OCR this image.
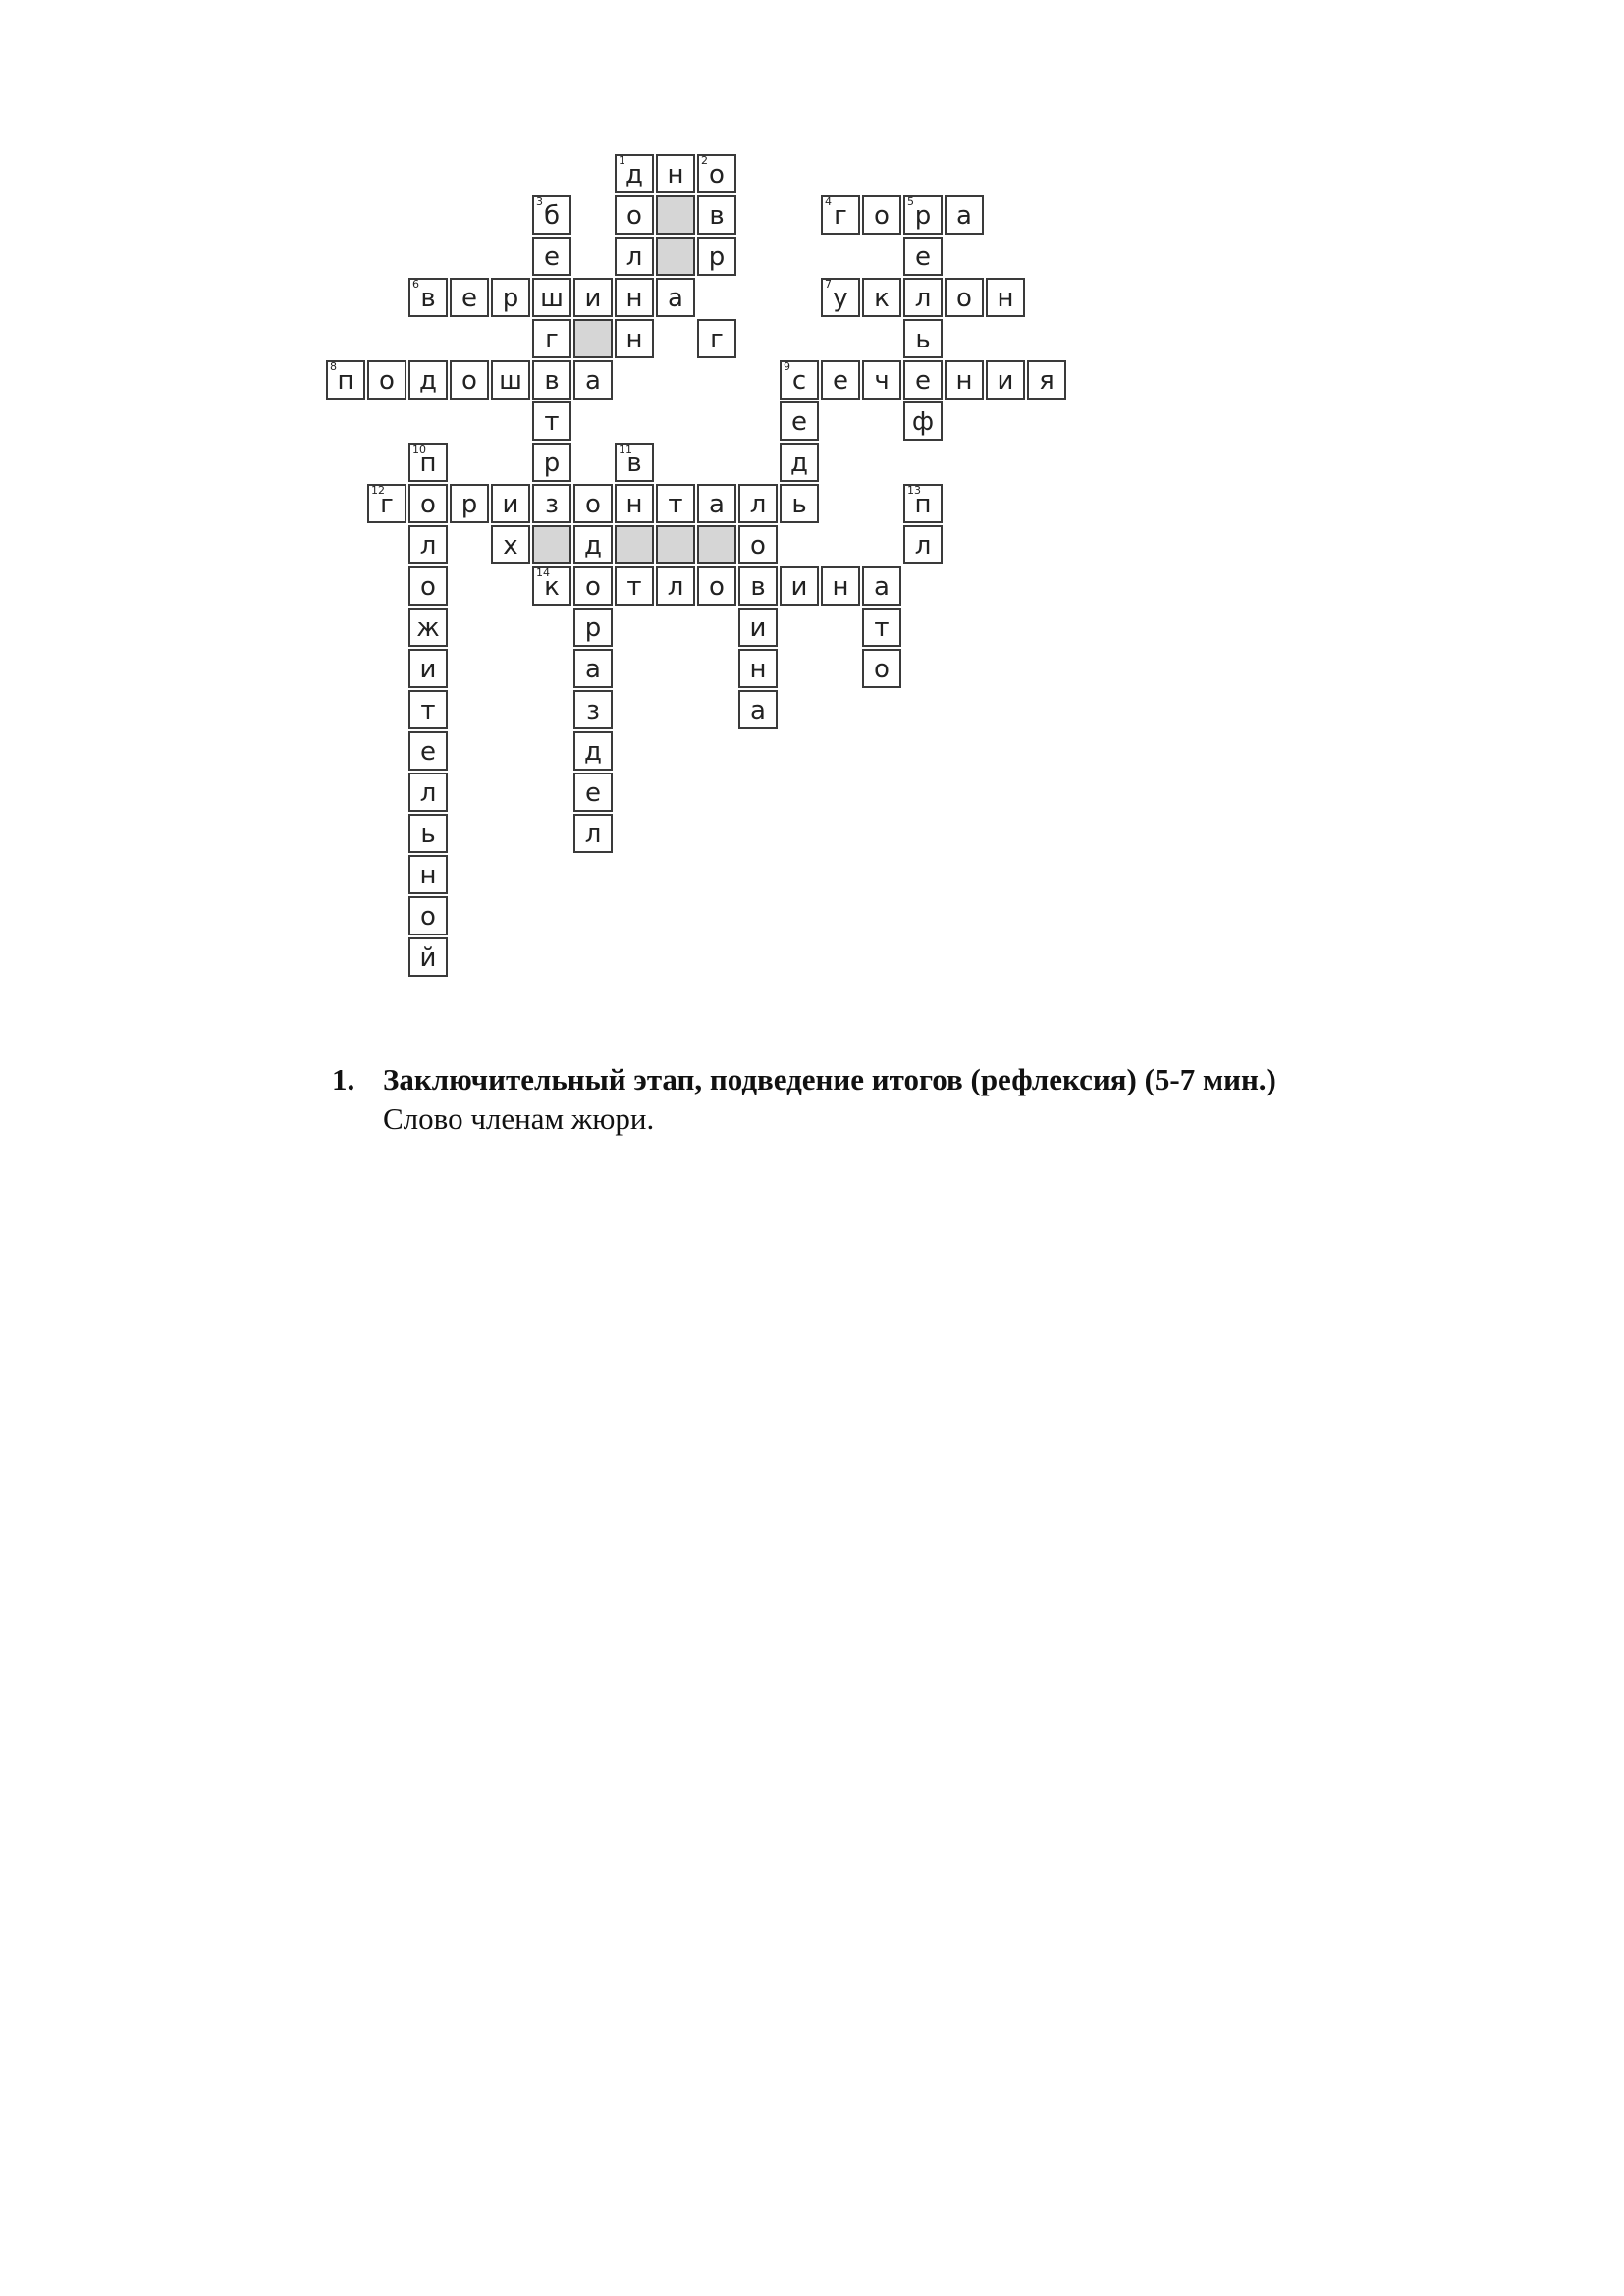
1 д н	2 о
3 б	о	в	4 г	о	5 р а
е	л	р	е
6 в	е р ш и н а	7 у	к л о н
г	н	г	ь
8 п о д о ш в	а	9 с	е	ч	е н и я
т	е	ф
10
п	р	11
в	д
12
г	о р и	з	о н т	а л	ь	13
п
л	х	д	о	л
о	14
к	о	т	л о	в и н а
ж	р	и	т
и	а	н	о
т	з	а
е	д
л	е
ь	л
н
о
й
1. Заключительный этап, подведение итогов (рефлексия) (5-7 мин.)
Слово членам жюри.
